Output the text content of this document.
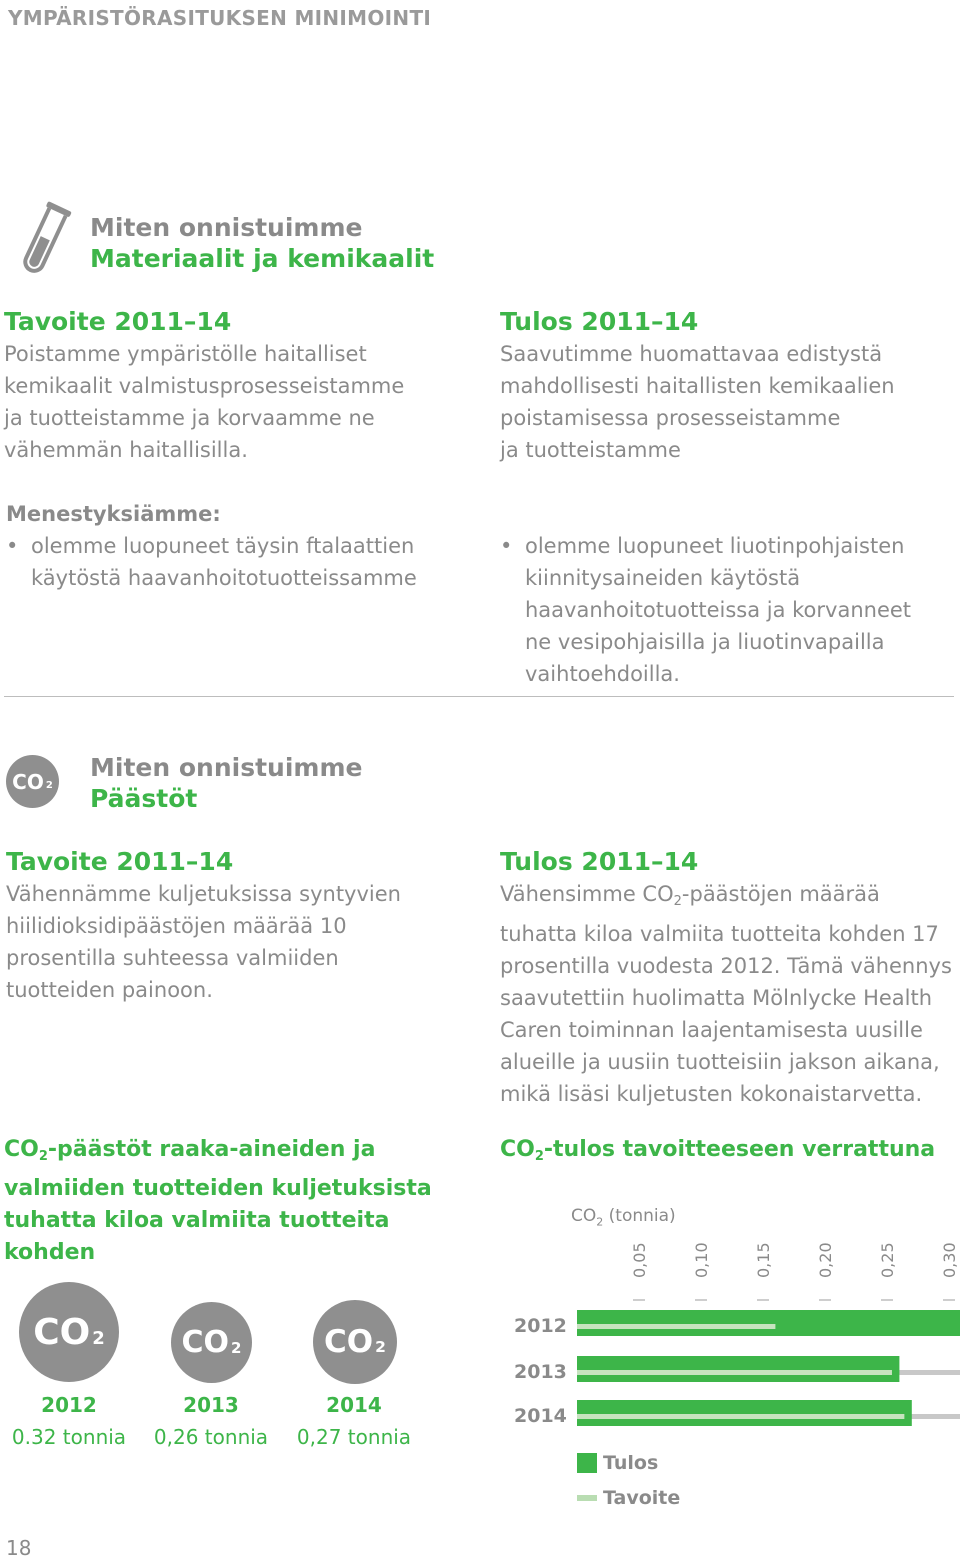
YMPÄRISTÖRASITUKSEN MINIMOINTI
Miten onnistuimme
Materiaalit ja kemikaalit
Tavoite 2011–14
Poistamme ympäristölle haitalliset
kemikaalit valmistusprosesseistamme
ja tuotteistamme ja korvaamme ne
vähemmän haitallisilla.
Tulos 2011–14
Saavutimme huomattavaa edistystä
mahdollisesti haitallisten kemikaalien
poistamisessa prosesseistamme
ja tuotteistamme
Menestyksiämme:
• olemme luopuneet täysin ftalaattien
käytöstä haavanhoitotuotteissamme
• olemme luopuneet liuotinpohjaisten
kiinnitysaineiden käytöstä
haavanhoitotuotteissa ja korvanneet
ne vesipohjaisilla ja liuotinvapailla
vaihtoehdoilla.
CO 2
Miten onnistuimme
Päästöt
Tavoite 2011–14
Vähennämme kuljetuksissa syntyvien
hiilidioksidipäästöjen määrää 10
prosentilla suhteessa valmiiden
tuotteiden painoon.
Tulos 2011–14
Vähensimme $CO_2$-päästöjen määrää
tuhatta kiloa valmiita tuotteita kohden 17
prosentilla vuodesta 2012. Tämä vähennys
saavutettiin huolimatta Mölnlycke Health
Caren toiminnan laajentamisesta uusille
alueille ja uusiin tuotteisiin jakson aikana,
mikä lisäsi kuljetusten kokonaistarvetta.
$CO_2$-päästöt raaka-aineiden ja
valmiiden tuotteiden kuljetuksista
tuhatta kiloa valmiita tuotteita kohden
CO 2	CO 2	CO 2
2012
0.32 tonnia
2013
0,26 tonnia
2014
0,27 tonnia
$CO_2$-tulos tavoitteeseen verrattuna
$CO_2$ (tonnia)
0,05	0,10	0,15	0,20	0,25	0,30
2012
2013
2014
Tulos
Tavoite
18
